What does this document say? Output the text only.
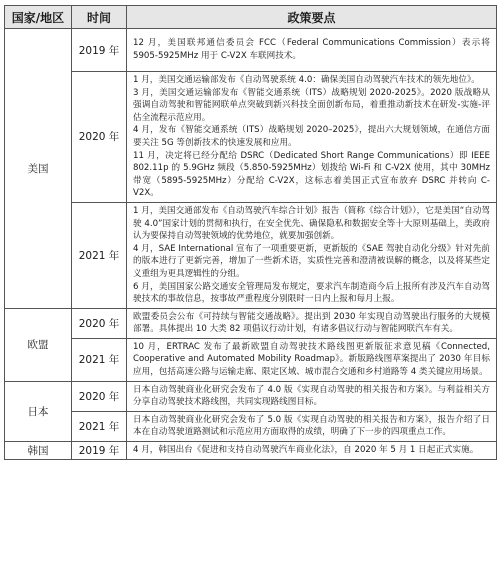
国家/地区	时间	政策要点
美国	2019 年	12 月，美国联邦通信委员会 FCC（Federal Communications Commission）表示将 5905-5925MHz 用于 C-V2X 车联网技术。

	2020 年	1 月，美国交通运输部发布《自动驾驶系统 4.0：确保美国自动驾驶汽车技术的领先地位》。

3 月，美国交通运输部发布《智能交通系统（ITS）战略规划 2020-2025》。2020 版战略从强调自动驾驶和智能网联单点突破到新兴科技全面创新布局，着重推动新技术在研发-实施-评估全流程示范应用。

4 月，发布《智能交通系统（ITS）战略规划 2020–2025》，提出六大规划领域，在通信方面要关注 5G 等创新技术的快速发展和应用。

11 月，决定将已经分配给 DSRC（Dedicated Short Range Communications）即 IEEE 802.11p 的 5.9GHz 频段（5.850-5925MHz）划拨给 Wi-Fi 和 C-V2X 使用，其中 30MHz 带宽（5895-5925MHz）分配给 C-V2X，这标志着美国正式宣布放弃 DSRC 并转向 C-V2X。

	2021 年	1 月，美国交通部发布《自动驾驶汽车综合计划》报告（简称《综合计划》），它是美国“自动驾驶 4.0”国家计划的贯彻和执行，在安全优先、确保隐私和数据安全等十大原则基础上，美政府认为要保持自动驾驶领域的优势地位，就要加强创新。

4 月，SAE International 宣布了一项重要更新，更新版的《SAE 驾驶自动化分级》针对先前的版本进行了更新完善，增加了一些新术语，实质性完善和澄清被误解的概念，以及将某些定义重组为更具逻辑性的分组。

6 月，美国国家公路交通安全管理局发布规定，要求汽车制造商今后上报所有涉及汽车自动驾驶技术的事故信息，按事故严重程度分别限时一日内上报和每月上报。

欧盟	2020 年	欧盟委员会公布《可持续与智能交通战略》。提出到 2030 年实现自动驾驶出行服务的大规模部署。具体提出 10 大类 82 项倡议行动计划，有诸多倡议行动与智能网联汽车有关。

	2021 年	10 月，ERTRAC 发布了最新欧盟自动驾驶技术路线图更新版征求意见稿《Connected, Cooperative and Automated Mobility Roadmap》。新版路线图草案提出了 2030 年目标应用，包括高速公路与运输走廊、限定区域、城市混合交通和乡村道路等 4 类关键应用场景。

日本	2020 年	日本自动驾驶商业化研究会发布了 4.0 版《实现自动驾驶的相关报告和方案》。与利益相关方分享自动驾驶技术路线图，共同实现路线图目标。

	2021 年	日本自动驾驶商业化研究会发布了 5.0 版《实现自动驾驶的相关报告和方案》，报告介绍了日本在自动驾驶道路测试和示范应用方面取得的成绩，明确了下一步的四项重点工作。

韩国	2019 年	4 月，韩国出台《促进和支持自动驾驶汽车商业化法》，自 2020 年 5 月 1 日起正式实施。
